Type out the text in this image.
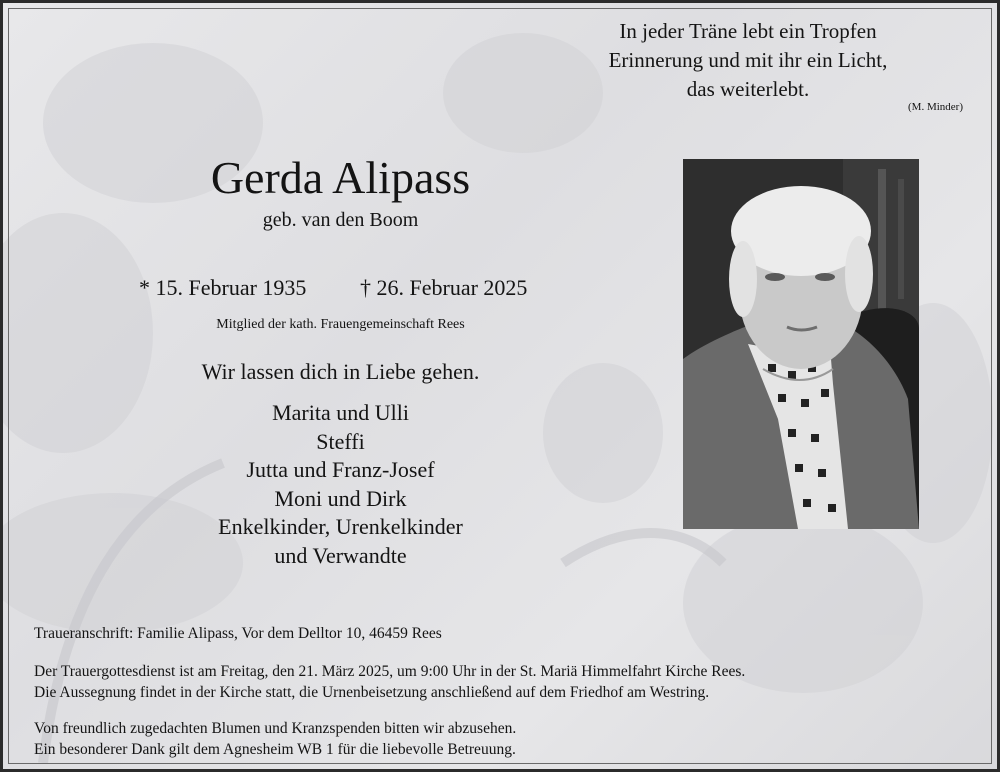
In jeder Träne lebt ein Tropfen
Erinnerung und mit ihr ein Licht,
das weiterlebt.
(M. Minder)
Gerda Alipass
geb. van den Boom
* 15. Februar 1935 † 26. Februar 2025
Mitglied der kath. Frauengemeinschaft Rees
Wir lassen dich in Liebe gehen.
Marita und Ulli
Steffi
Jutta und Franz-Josef
Moni und Dirk
Enkelkinder, Urenkelkinder
und Verwandte
Traueranschrift: Familie Alipass, Vor dem Delltor 10, 46459 Rees
Der Trauergottesdienst ist am Freitag, den 21. März 2025, um 9:00 Uhr in der St. Mariä Himmelfahrt Kirche Rees.
Die Aussegnung findet in der Kirche statt, die Urnenbeisetzung anschließend auf dem Friedhof am Westring.
Von freundlich zugedachten Blumen und Kranzspenden bitten wir abzusehen.
Ein besonderer Dank gilt dem Agnesheim WB 1 für die liebevolle Betreuung.
